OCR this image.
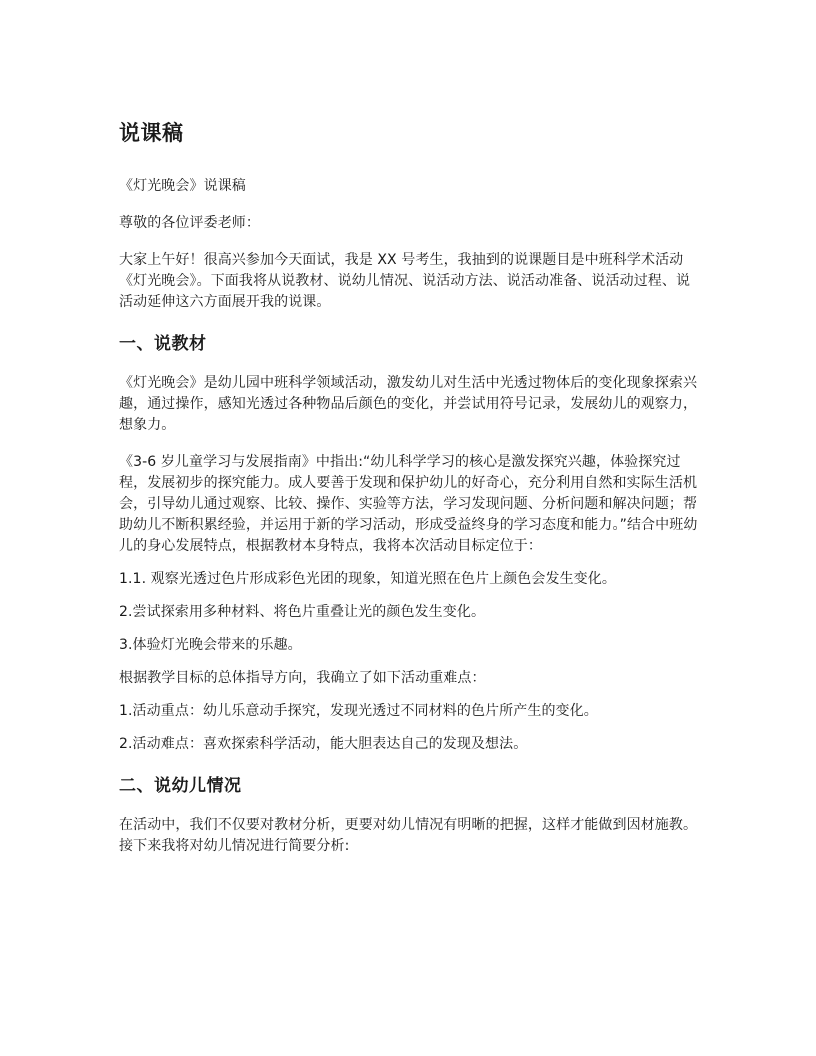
说课稿

《灯光晚会》说课稿

尊敬的各位评委老师：

大家上午好！很高兴参加今天面试，我是 XX 号考生，我抽到的说课题目是中班科学术活动《灯光晚会》。下面我将从说教材、说幼儿情况、说活动方法、说活动准备、说活动过程、说活动延伸这六方面展开我的说课。

一、说教材

《灯光晚会》是幼儿园中班科学领域活动，激发幼儿对生活中光透过物体后的变化现象探索兴趣，通过操作，感知光透过各种物品后颜色的变化，并尝试用符号记录，发展幼儿的观察力，想象力。

《3-6 岁儿童学习与发展指南》中指出:“幼儿科学学习的核心是激发探究兴趣，体验探究过程，发展初步的探究能力。成人要善于发现和保护幼儿的好奇心，充分利用自然和实际生活机会，引导幼儿通过观察、比较、操作、实验等方法，学习发现问题、分析问题和解决问题；帮助幼儿不断积累经验，并运用于新的学习活动，形成受益终身的学习态度和能力。”结合中班幼儿的身心发展特点，根据教材本身特点，我将本次活动目标定位于：

1.1. 观察光透过色片形成彩色光团的现象，知道光照在色片上颜色会发生变化。

2.尝试探索用多种材料、将色片重叠让光的颜色发生变化。

3.体验灯光晚会带来的乐趣。

根据教学目标的总体指导方向，我确立了如下活动重难点：

1.活动重点：幼儿乐意动手探究，发现光透过不同材料的色片所产生的变化。

2.活动难点：喜欢探索科学活动，能大胆表达自己的发现及想法。

二、说幼儿情况

在活动中，我们不仅要对教材分析，更要对幼儿情况有明晰的把握，这样才能做到因材施教。接下来我将对幼儿情况进行简要分析:
